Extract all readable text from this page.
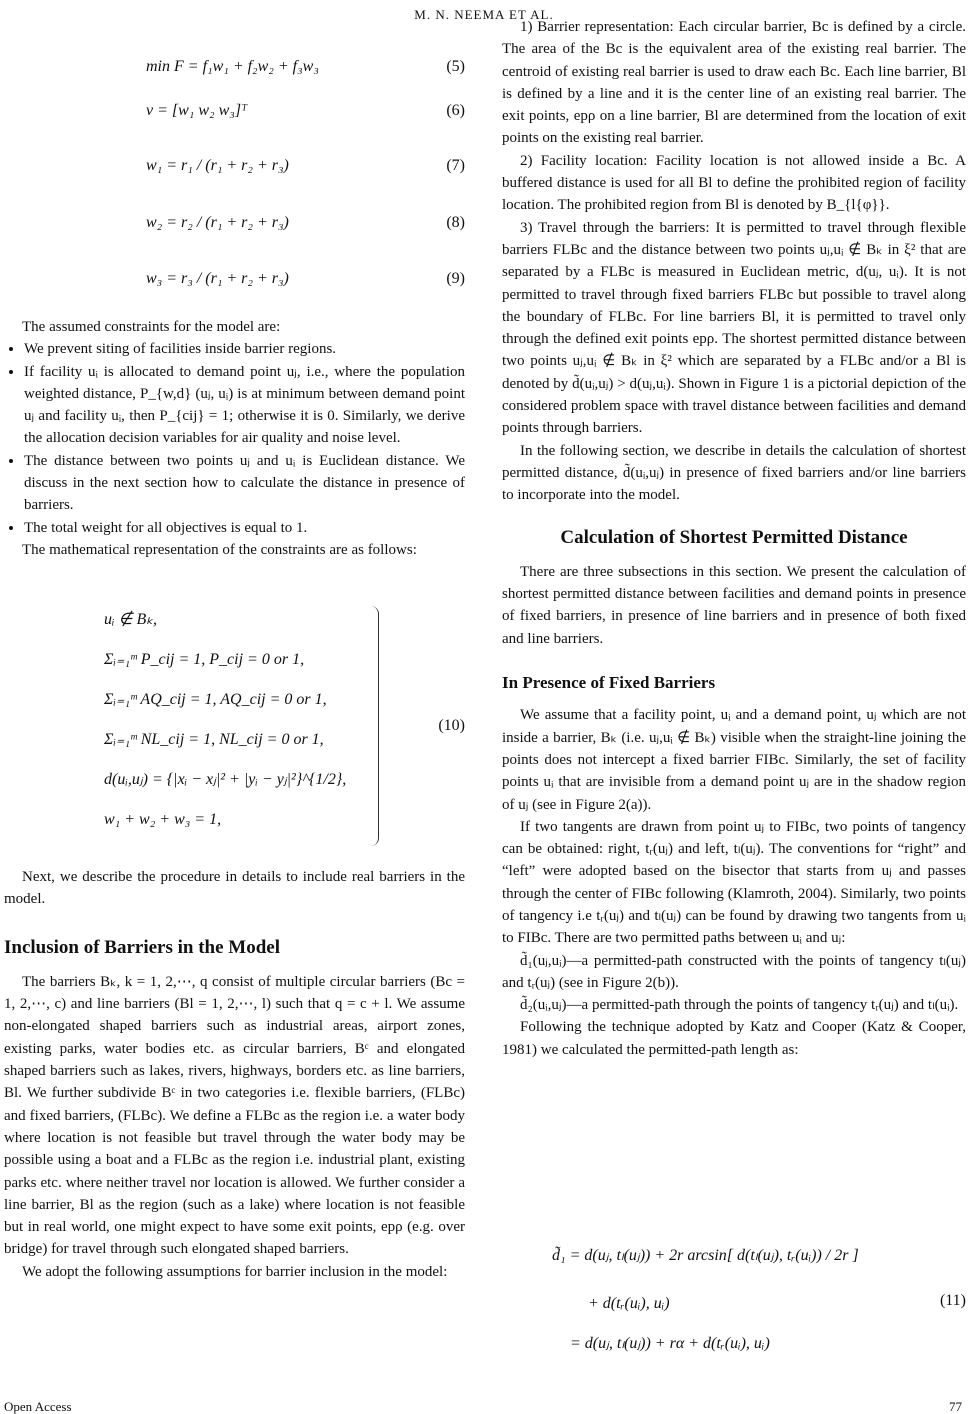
M. N. NEEMA ET AL.
min F = f₁w₁ + f₂w₂ + f₃w₃	(5)
v = [w₁ w₂ w₃]ᵀ	(6)
w₁ = r₁ / (r₁ + r₂ + r₃)	(7)
w₂ = r₂ / (r₁ + r₂ + r₃)	(8)
w₃ = r₃ / (r₁ + r₂ + r₃)	(9)

The assumed constraints for the model are:

• We prevent siting of facilities inside barrier regions.
• If facility uᵢ is allocated to demand point uⱼ, i.e., where the population weighted distance, P_{w,d} (uⱼ, uᵢ) is at minimum between demand point uⱼ and facility uᵢ, then P_{cij} = 1; otherwise it is 0. Similarly, we derive the allocation decision variables for air quality and noise level.
• The distance between two points uⱼ and uᵢ is Euclidean distance. We discuss in the next section how to calculate the distance in presence of barriers.
• The total weight for all objectives is equal to 1.

The mathematical representation of the constraints are as follows:

uᵢ ∉ Bₖ,
Σᵢ₌₁ᵐ P_cij = 1, P_cij = 0 or 1,
Σᵢ₌₁ᵐ AQ_cij = 1, AQ_cij = 0 or 1,
Σᵢ₌₁ᵐ NL_cij = 1, NL_cij = 0 or 1,
d(uᵢ,uⱼ) = {|xᵢ − xⱼ|² + |yᵢ − yⱼ|²}^{1/2},
w₁ + w₂ + w₃ = 1,
(10)

Next, we describe the procedure in details to include real barriers in the model.

Inclusion of Barriers in the Model

The barriers Bₖ, k = 1, 2,⋯, q consist of multiple circular barriers (Bc = 1, 2,⋯, c) and line barriers (Bl = 1, 2,⋯, l) such that q = c + l. We assume non-elongated shaped barriers such as industrial areas, airport zones, existing parks, water bodies etc. as circular barriers, Bᶜ and elongated shaped barriers such as lakes, rivers, highways, borders etc. as line barriers, Bl. We further subdivide Bᶜ in two categories i.e. flexible barriers, (FLBc) and fixed barriers, (FLBc). We define a FLBc as the region i.e. a water body where location is not feasible but travel through the water body may be possible using a boat and a FLBc as the region i.e. industrial plant, existing parks etc. where neither travel nor location is allowed. We further consider a line barrier, Bl as the region (such as a lake) where location is not feasible but in real world, one might expect to have some exit points, epρ (e.g. over bridge) for travel through such elongated shaped barriers.

We adopt the following assumptions for barrier inclusion in the model:

1) Barrier representation: Each circular barrier, Bc is defined by a circle. The area of the Bc is the equivalent area of the existing real barrier. The centroid of existing real barrier is used to draw each Bc. Each line barrier, Bl is defined by a line and it is the center line of an existing real barrier. The exit points, epρ on a line barrier, Bl are determined from the location of exit points on the existing real barrier.

2) Facility location: Facility location is not allowed inside a Bc. A buffered distance is used for all Bl to define the prohibited region of facility location. The prohibited region from Bl is denoted by B_{l{φ}}.

3) Travel through the barriers: It is permitted to travel through flexible barriers FLBc and the distance between two points uⱼ,uᵢ ∉ Bₖ in ξ² that are separated by a FLBc is measured in Euclidean metric, d(uⱼ, uᵢ). It is not permitted to travel through fixed barriers FLBc but possible to travel along the boundary of FLBc. For line barriers Bl, it is permitted to travel only through the defined exit points epρ. The shortest permitted distance between two points uⱼ,uᵢ ∉ Bₖ in ξ² which are separated by a FLBc and/or a Bl is denoted by d̃(uᵢ,uⱼ) > d(uⱼ,uᵢ). Shown in Figure 1 is a pictorial depiction of the considered problem space with travel distance between facilities and demand points through barriers.

In the following section, we describe in details the calculation of shortest permitted distance, d̃(uᵢ,uⱼ) in presence of fixed barriers and/or line barriers to incorporate into the model.

Calculation of Shortest Permitted Distance

There are three subsections in this section. We present the calculation of shortest permitted distance between facilities and demand points in presence of fixed barriers, in presence of line barriers and in presence of both fixed and line barriers.

In Presence of Fixed Barriers

We assume that a facility point, uᵢ and a demand point, uⱼ which are not inside a barrier, Bₖ (i.e. uⱼ,uᵢ ∉ Bₖ) visible when the straight-line joining the points does not intercept a fixed barrier FIBc. Similarly, the set of facility points uᵢ that are invisible from a demand point uⱼ are in the shadow region of uⱼ (see in Figure 2(a)).

If two tangents are drawn from point uⱼ to FIBc, two points of tangency can be obtained: right, tᵣ(uⱼ) and left, tₗ(uⱼ). The conventions for “right” and “left” were adopted based on the bisector that starts from uⱼ and passes through the center of FIBc following (Klamroth, 2004). Similarly, two points of tangency i.e tᵣ(uⱼ) and tₗ(uⱼ) can be found by drawing two tangents from uᵢ to FIBc. There are two permitted paths between uᵢ and uⱼ:

d̃₁(uⱼ,uᵢ)—a permitted-path constructed with the points of tangency tₗ(uⱼ) and tᵣ(uⱼ) (see in Figure 2(b)).

d̃₂(uᵢ,uⱼ)—a permitted-path through the points of tangency tᵣ(uⱼ) and tₗ(uᵢ).

Following the technique adopted by Katz and Cooper (Katz & Cooper, 1981) we calculated the permitted-path length as:

d̃₁ = d(uⱼ, tₗ(uⱼ)) + 2r arcsin[ d(tₗ(uⱼ), tᵣ(uᵢ)) / 2r ]
+ d(tᵣ(uᵢ), uᵢ)
= d(uⱼ, tₗ(uⱼ)) + rα + d(tᵣ(uᵢ), uᵢ)
(11)
Open Access	77
